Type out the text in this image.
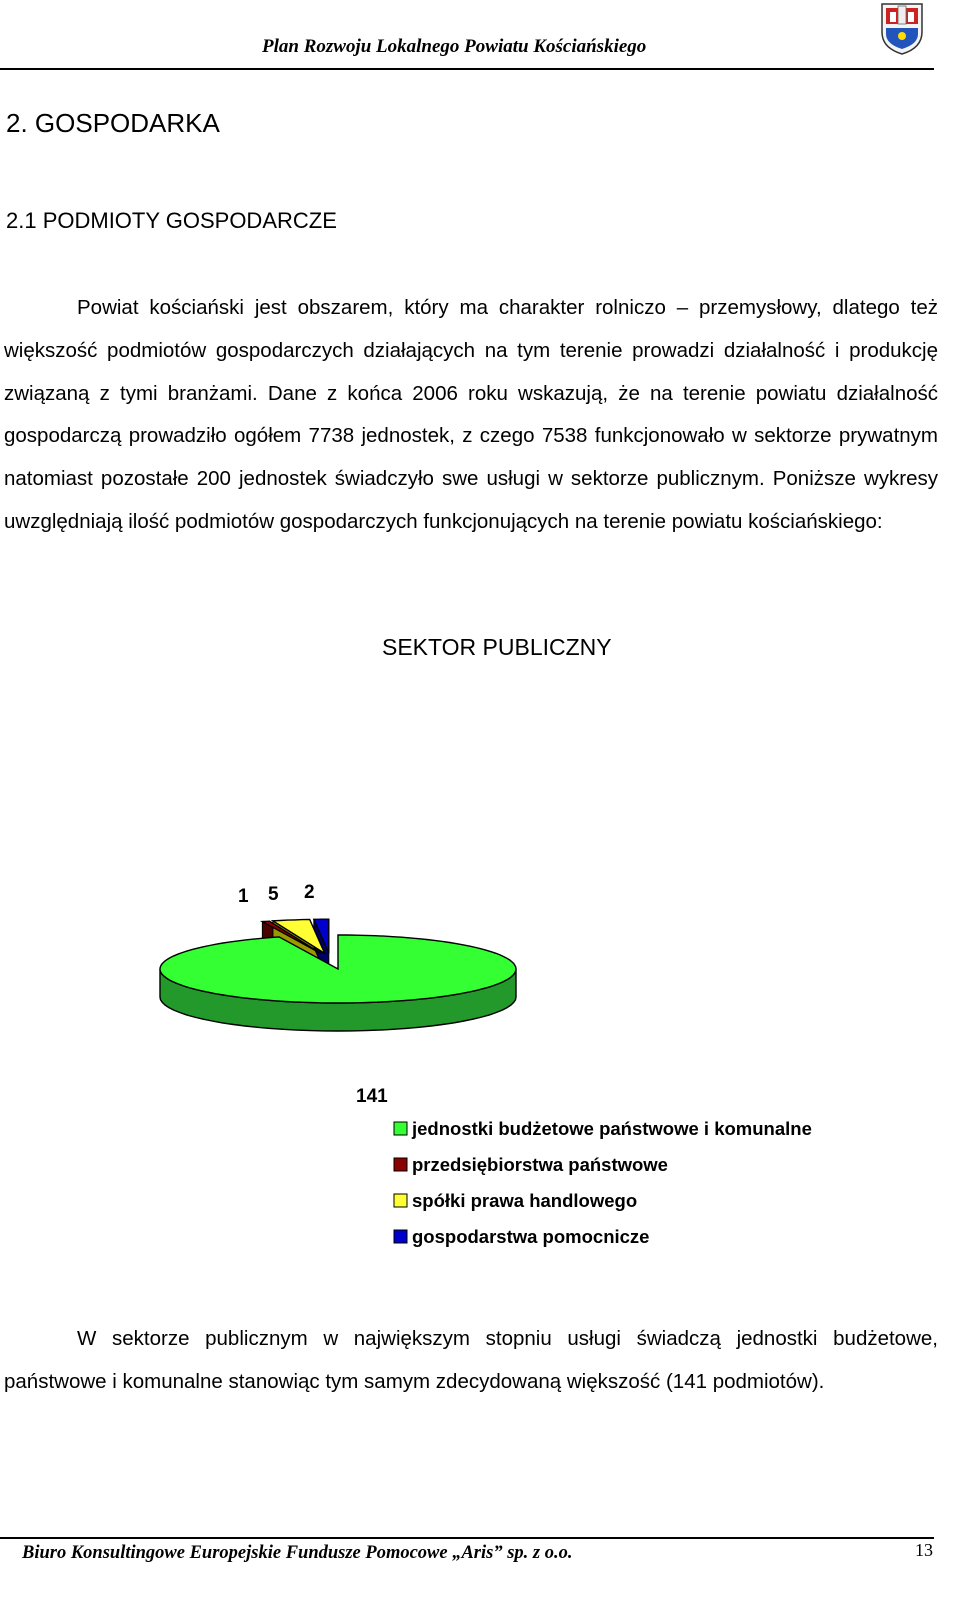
Plan Rozwoju Lokalnego Powiatu Kościańskiego
2. GOSPODARKA
2.1 PODMIOTY GOSPODARCZE

Powiat kościański jest obszarem, który ma charakter rolniczo – przemysłowy, dlatego też większość podmiotów gospodarczych działających na tym terenie prowadzi działalność i produkcję związaną z tymi branżami. Dane z końca 2006 roku wskazują, że na terenie powiatu działalność gospodarczą prowadziło ogółem 7738 jednostek, z czego 7538 funkcjonowało w sektorze prywatnym natomiast pozostałe 200 jednostek świadczyło swe usługi w sektorze publicznym. Poniższe wykresy uwzględniają ilość podmiotów gospodarczych funkcjonujących na terenie powiatu kościańskiego:

SEKTOR PUBLICZNY
141
1 5 2
jednostki budżetowe państwowe i komunalne
przedsiębiorstwa państwowe
spółki prawa handlowego
gospodarstwa pomocnicze

W sektorze publicznym w największym stopniu usługi świadczą jednostki budżetowe, państwowe i komunalne stanowiąc tym samym zdecydowaną większość (141 podmiotów).

Biuro Konsultingowe Europejskie Fundusze Pomocowe „Aris” sp. z o.o.	13
